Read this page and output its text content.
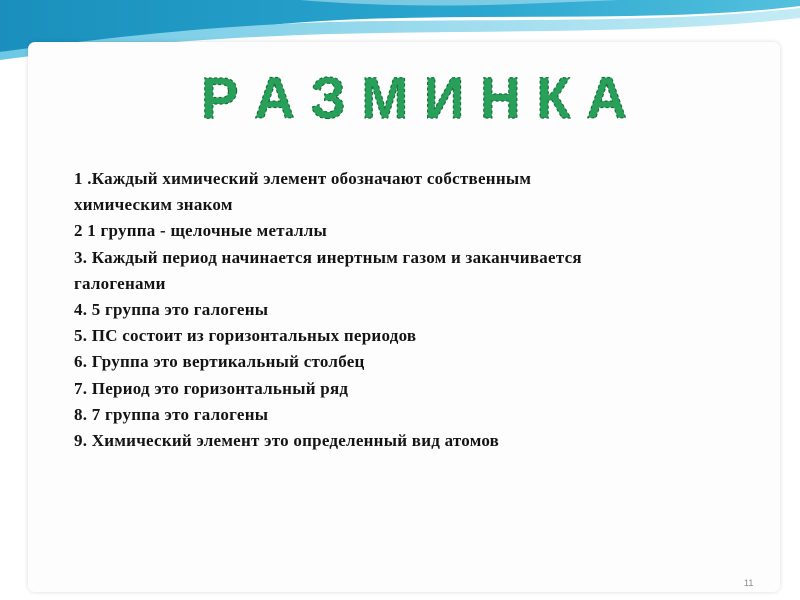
Р А З М И Н К А
1 .Каждый химический элемент обозначают собственным
химическим знаком
2 1 группа - щелочные металлы
3. Каждый период начинается инертным газом и заканчивается
галогенами
4. 5 группа это галогены
5. ПС состоит из горизонтальных периодов
6. Группа это вертикальный столбец
7. Период это горизонтальный ряд
8. 7 группа это галогены
9. Химический элемент это определенный вид атомов
11
